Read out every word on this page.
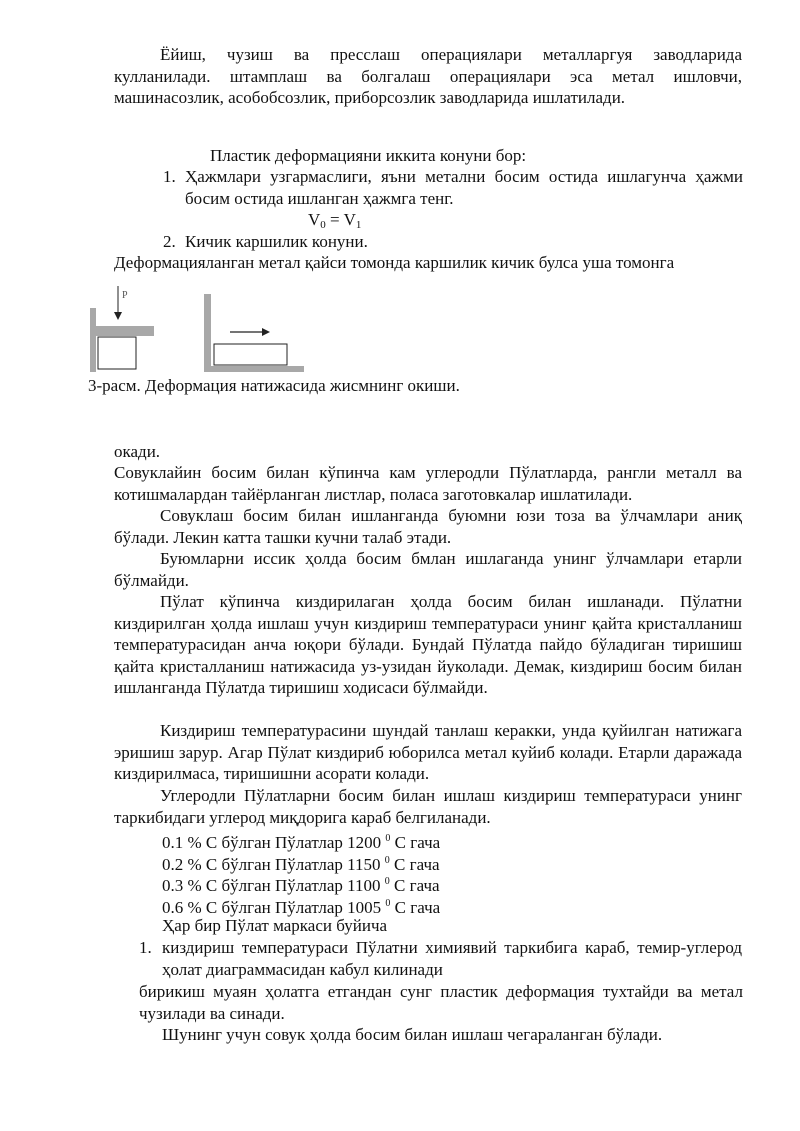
Ёйиш, чузиш ва пресслаш операциялари металларгуя заводларида кулланилади. штамплаш ва болгалаш операциялари эса метал ишловчи, машинасозлик, асобобсозлик, приборсозлик заводларида ишлатилади.

Пластик деформацияни иккита конуни бор:

1. Ҳажмлари узгармаслиги, яъни метални босим остида ишлагунча ҳажми босим остида ишланган ҳажмга тенг.

$V_0 = V_1$
2. Кичик каршилик конуни.

Деформацияланган метал қайси томонда каршилик кичик булса уша томонга

P

3-расм. Деформация натижасида жисмнинг окиши.

окади.

Совуклайин босим билан кўпинча кам углеродли Пўлатларда, рангли металл ва котишмалардан тайёрланган листлар, поласа заготовкалар ишлатилади.

Совуклаш босим билан ишланганда буюмни юзи тоза ва ўлчамлари аниқ бўлади. Лекин катта ташки кучни талаб этади.

Буюмларни иссик ҳолда босим бмлан ишлаганда унинг ўлчамлари етарли бўлмайди.

Пўлат кўпинча киздирилаган ҳолда босим билан ишланади. Пўлатни киздирилган ҳолда ишлаш учун киздириш температураси унинг қайта кристалланиш температурасидан анча юқори бўлади. Бундай Пўлатда пайдо бўладиган тиришиш қайта кристалланиш натижасида уз-узидан йуколади. Демак, киздириш босим билан ишланганда Пўлатда тиришиш ходисаси бўлмайди.

Киздириш температурасини шундай танлаш керакки, унда қуйилган натижага эришиш зарур. Агар Пўлат киздириб юборилса метал куйиб колади. Етарли даражада киздирилмаса, тиришишни асорати колади.

Углеродли Пўлатларни босим билан ишлаш киздириш температураси унинг таркибидаги углерод миқдорига караб белгиланади.

0.1 % С бўлган Пўлатлар 1200 $^0$ С гача
0.2 % С бўлган Пўлатлар 1150 $^0$ С гача
0.3 % С бўлган Пўлатлар 1100 $^0$ С гача
0.6 % С бўлган Пўлатлар 1005 $^0$ С гача

Ҳар бир Пўлат маркаси буйича

1. киздириш температураси Пўлатни химиявий таркибига караб, темир-углерод ҳолат диаграммасидан кабул килинади

бирикиш муаян ҳолатга етгандан сунг пластик деформация тухтайди ва метал чузилади ва синади.

Шунинг учун совук ҳолда босим билан ишлаш чегараланган бўлади.
